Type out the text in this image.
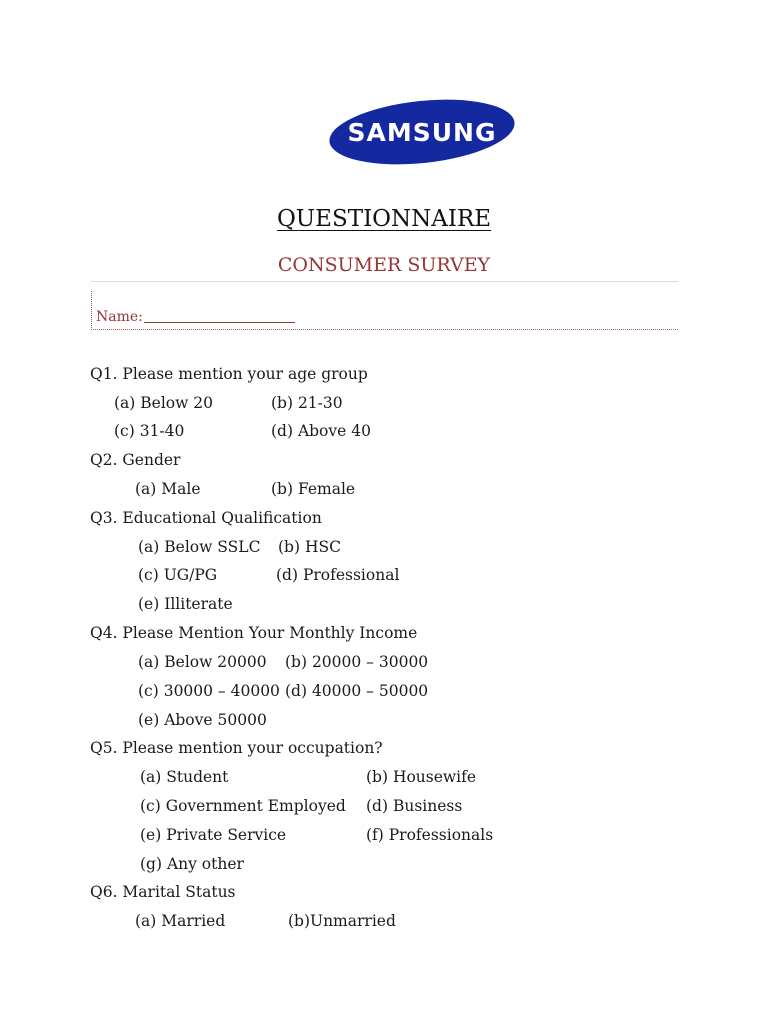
SAMSUNG
QUESTIONNAIRE
CONSUMER SURVEY
Name:
Q1. Please mention your age group
(a) Below 20	(b) 21-30
(c) 31-40	(d) Above 40
Q2. Gender
(a) Male	(b) Female
Q3. Educational Qualification
(a) Below SSLC (b) HSC
(c) UG/PG	(d) Professional
(e) Illiterate
Q4. Please Mention Your Monthly Income
(a) Below 20000 (b) 20000 – 30000
(c) 30000 – 40000 (d) 40000 – 50000
(e) Above 50000
Q5. Please mention your occupation?
(a) Student	(b) Housewife
(c) Government Employed (d) Business
(e) Private Service	(f) Professionals
(g) Any other
Q6. Marital Status
(a) Married	(b)Unmarried
